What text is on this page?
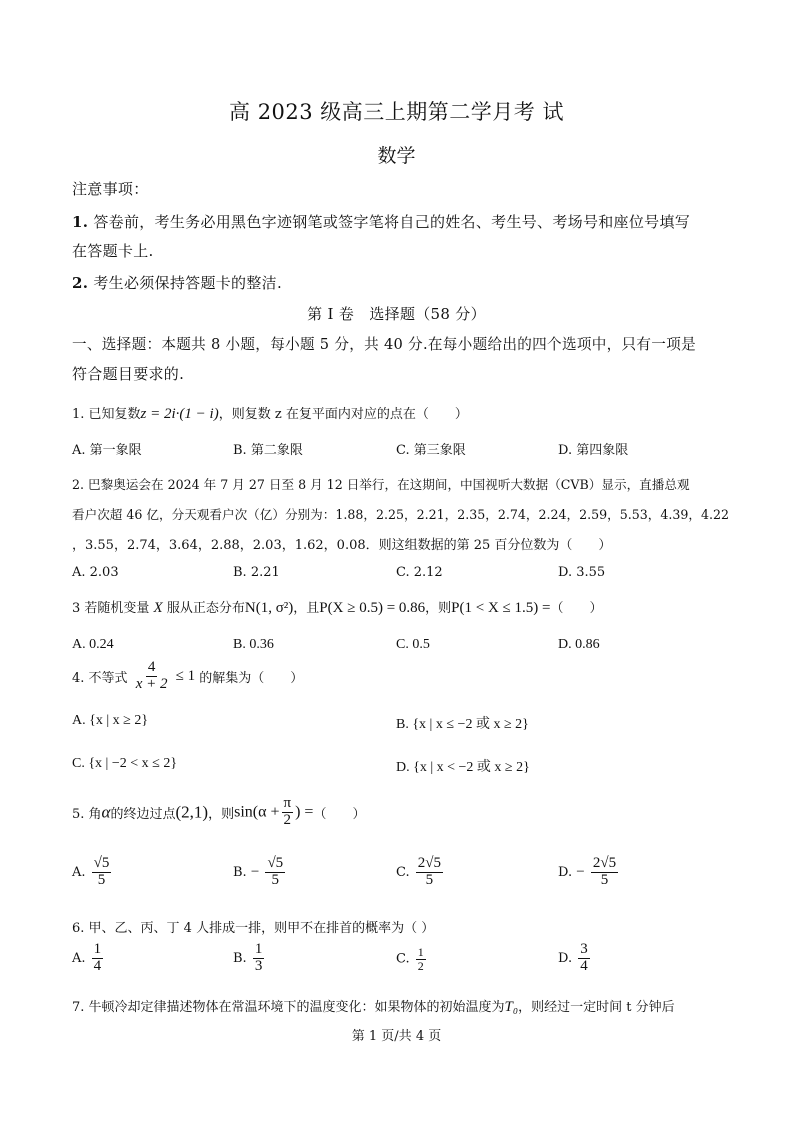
高 2023 级高三上期第二学月考 试
数学
注意事项：
1. 答卷前，考生务必用黑色字迹钢笔或签字笔将自己的姓名、考生号、考场号和座位号填写
在答题卡上.
2. 考生必须保持答题卡的整洁.
第 I 卷　选择题（58 分）
一、选择题：本题共 8 小题，每小题 5 分，共 40 分.在每小题给出的四个选项中，只有一项是
符合题目要求的.
1. 已知复数z = 2i·(1 − i)，则复数 z 在复平面内对应的点在（　　）
A. 第一象限	B. 第二象限	C. 第三象限	D. 第四象限
2. 巴黎奥运会在 2024 年 7 月 27 日至 8 月 12 日举行，在这期间，中国视听大数据（CVB）显示，直播总观
看户次超 46 亿，分天观看户次（亿）分别为：1.88，2.25，2.21，2.35，2.74，2.24，2.59，5.53，4.39，4.22
，3.55，2.74，3.64，2.88，2.03，1.62，0.08．则这组数据的第 25 百分位数为（　　）
A. 2.03	B. 2.21	C. 2.12	D. 3.55
3 若随机变量 X 服从正态分布N(1, σ²)，且P(X ≥ 0.5) = 0.86，则P(1 < X ≤ 1.5) =（　　）
A. 0.24	B. 0.36	C. 0.5	D. 0.86
4. 不等式 $\frac{4}{x + 2} \le 1$ 的解集为（　　）
A. {x | x ≥ 2}	B. {x | x ≤ −2 或 x ≥ 2}
C. {x | −2 < x ≤ 2}	D. {x | x < −2 或 x ≥ 2}
5. 角α的终边过点(2,1)，则$\sin(\alpha + \frac{\pi}{2}$ ) =（　　）
A. $\frac{√5}{5}$	B. − $\frac{√5}{5}$	C. $\frac{2√5}{5}$	D. − $\frac{2√5}{5}$
6. 甲、乙、丙、丁 4 人排成一排，则甲不在排首的概率为（ ）
A. $\frac{1}{4}$	B. $\frac{1}{3}$	C. $\frac{1}{2}$	D. $\frac{3}{4}$
7. 牛顿冷却定律描述物体在常温环境下的温度变化：如果物体的初始温度为T₀，则经过一定时间 t 分钟后
第 1 页/共 4 页
